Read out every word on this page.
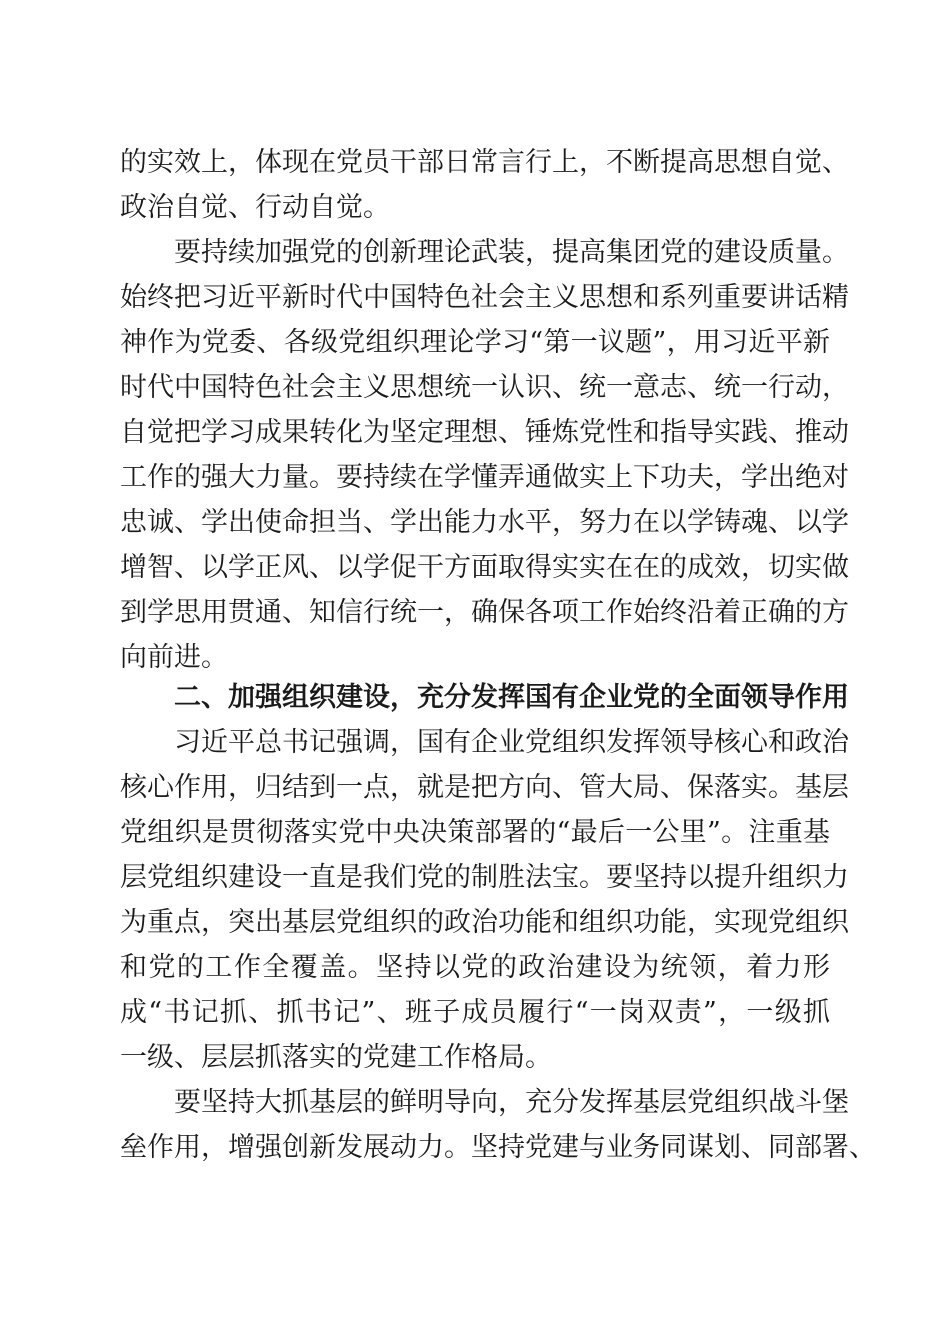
的实效上，体现在党员干部日常言行上，不断提高思想自觉、
政治自觉、行动自觉。
要持续加强党的创新理论武装，提高集团党的建设质量。
始终把习近平新时代中国特色社会主义思想和系列重要讲话精
神作为党委、各级党组织理论学习“第一议题”，用习近平新
时代中国特色社会主义思想统一认识、统一意志、统一行动，
自觉把学习成果转化为坚定理想、锤炼党性和指导实践、推动
工作的强大力量。要持续在学懂弄通做实上下功夫，学出绝对
忠诚、学出使命担当、学出能力水平，努力在以学铸魂、以学
增智、以学正风、以学促干方面取得实实在在的成效，切实做
到学思用贯通、知信行统一，确保各项工作始终沿着正确的方
向前进。
二、加强组织建设，充分发挥国有企业党的全面领导作用
习近平总书记强调，国有企业党组织发挥领导核心和政治
核心作用，归结到一点，就是把方向、管大局、保落实。基层
党组织是贯彻落实党中央决策部署的“最后一公里”。注重基
层党组织建设一直是我们党的制胜法宝。要坚持以提升组织力
为重点，突出基层党组织的政治功能和组织功能，实现党组织
和党的工作全覆盖。坚持以党的政治建设为统领，着力形
成“书记抓、抓书记”、班子成员履行“一岗双责”，一级抓
一级、层层抓落实的党建工作格局。
要坚持大抓基层的鲜明导向，充分发挥基层党组织战斗堡
垒作用，增强创新发展动力。坚持党建与业务同谋划、同部署、
